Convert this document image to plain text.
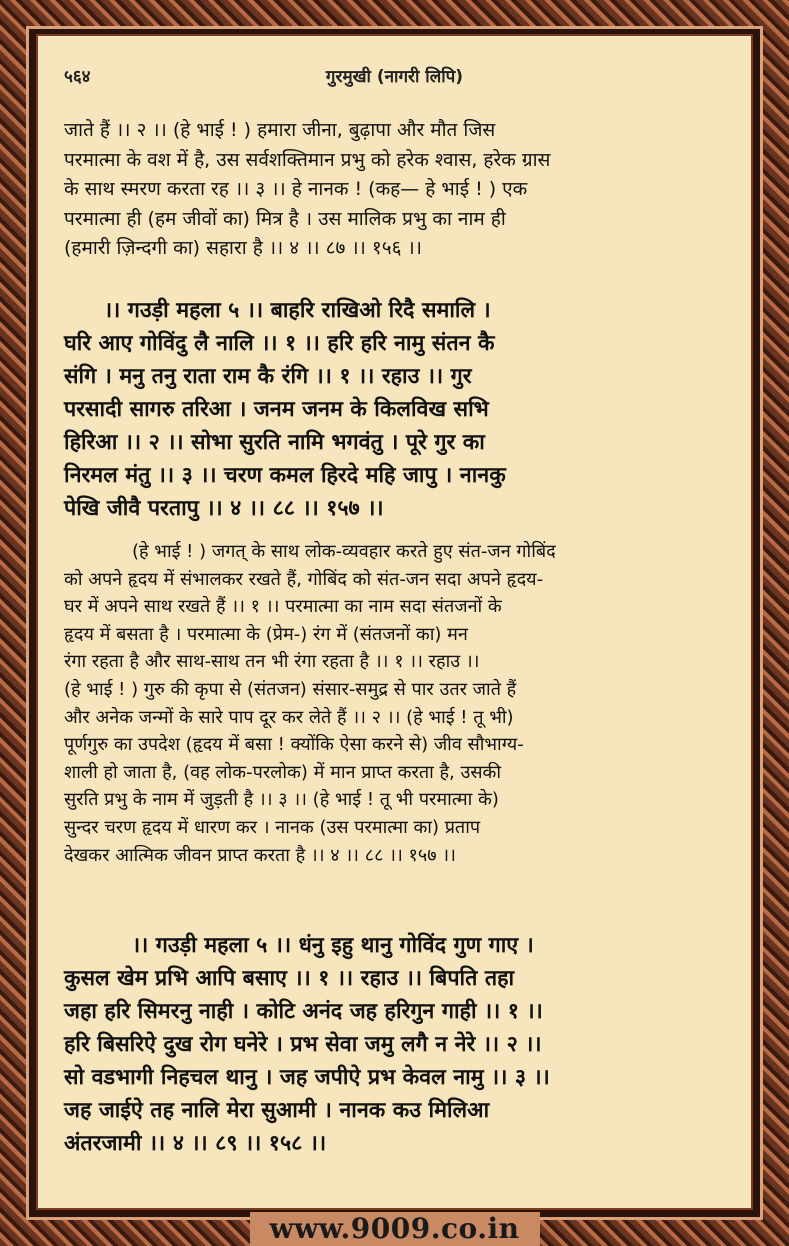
५६४	गुरमुखी (नागरी लिपि)
जाते हैं ।। २ ।। (हे भाई ! ) हमारा जीना, बुढ़ापा और मौत जिस
परमात्मा के वश में है, उस सर्वशक्तिमान प्रभु को हरेक श्वास, हरेक ग्रास
के साथ स्मरण करता रह ।। ३ ।। हे नानक ! (कह— हे भाई ! ) एक
परमात्मा ही (हम जीवों का) मित्र है । उस मालिक प्रभु का नाम ही
(हमारी ज़िन्दगी का) सहारा है ।। ४ ।। ८७ ।। १५६ ।।
।। गउड़ी महला ५ ।। बाहरि राखिओ रिदै समालि ।
घरि आए गोविंदु लै नालि ।। १ ।। हरि हरि नामु संतन कै
संगि । मनु तनु राता राम कै रंगि ।। १ ।। रहाउ ।। गुर
परसादी सागरु तरिआ । जनम जनम के किलविख सभि
हिरिआ ।। २ ।। सोभा सुरति नामि भगवंतु । पूरे गुर का
निरमल मंतु ।। ३ ।। चरण कमल हिरदे महि जापु । नानकु
पेखि जीवै परतापु ।। ४ ।। ८८ ।। १५७ ।।
(हे भाई ! ) जगत् के साथ लोक-व्यवहार करते हुए संत-जन गोबिंद
को अपने हृदय में संभालकर रखते हैं, गोबिंद को संत-जन सदा अपने हृदय-
घर में अपने साथ रखते हैं ।। १ ।। परमात्मा का नाम सदा संतजनों के
हृदय में बसता है । परमात्मा के (प्रेम-) रंग में (संतजनों का) मन
रंगा रहता है और साथ-साथ तन भी रंगा रहता है ।। १ ।। रहाउ ।।
(हे भाई ! ) गुरु की कृपा से (संतजन) संसार-समुद्र से पार उतर जाते हैं
और अनेक जन्मों के सारे पाप दूर कर लेते हैं ।। २ ।। (हे भाई ! तू भी)
पूर्णगुरु का उपदेश (हृदय में बसा ! क्योंकि ऐसा करने से) जीव सौभाग्य-
शाली हो जाता है, (वह लोक-परलोक) में मान प्राप्त करता है, उसकी
सुरति प्रभु के नाम में जुड़ती है ।। ३ ।। (हे भाई ! तू भी परमात्मा के)
सुन्दर चरण हृदय में धारण कर । नानक (उस परमात्मा का) प्रताप
देखकर आत्मिक जीवन प्राप्त करता है ।। ४ ।। ८८ ।। १५७ ।।
।। गउड़ी महला ५ ।। धंनु इहु थानु गोविंद गुण गाए ।
कुसल खेम प्रभि आपि बसाए ।। १ ।। रहाउ ।। बिपति तहा
जहा हरि सिमरनु नाही । कोटि अनंद जह हरिगुन गाही ।। १ ।।
हरि बिसरिऐ दुख रोग घनेरे । प्रभ सेवा जमु लगै न नेरे ।। २ ।।
सो वडभागी निहचल थानु । जह जपीऐ प्रभ केवल नामु ।। ३ ।।
जह जाईऐ तह नालि मेरा सुआमी । नानक कउ मिलिआ
अंतरजामी ।। ४ ।। ८९ ।। १५८ ।।
www.9009.co.in
